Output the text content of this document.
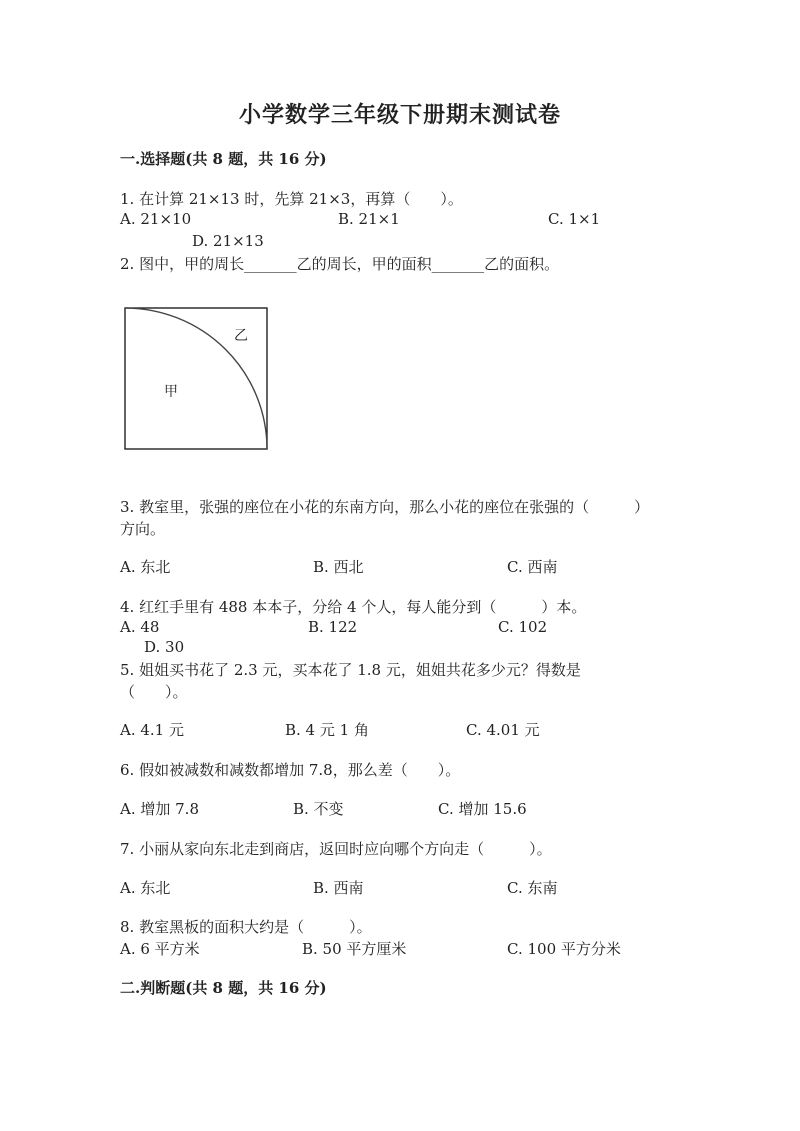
小学数学三年级下册期末测试卷
一.选择题(共 8 题，共 16 分)
1. 在计算 21×13 时，先算 21×3，再算（　　）。
A. 21×10	B. 21×1	C. 1×1
D. 21×13
2. 图中，甲的周长_______乙的周长，甲的面积_______乙的面积。
甲
乙
3. 教室里，张强的座位在小花的东南方向，那么小花的座位在张强的（　　　）
方向。
A. 东北	B. 西北	C. 西南
4. 红红手里有 488 本本子，分给 4 个人，每人能分到（　　　）本。
A. 48	B. 122	C. 102
D. 30
5. 姐姐买书花了 2.3 元，买本花了 1.8 元，姐姐共花多少元？得数是
（　　）。
A. 4.1 元	B. 4 元 1 角	C. 4.01 元
6. 假如被减数和减数都增加 7.8，那么差（　　）。
A. 增加 7.8	B. 不变	C. 增加 15.6
7. 小丽从家向东北走到商店，返回时应向哪个方向走（　　　）。
A. 东北	B. 西南	C. 东南
8. 教室黑板的面积大约是（　　　）。
A. 6 平方米	B. 50 平方厘米	C. 100 平方分米
二.判断题(共 8 题，共 16 分)
